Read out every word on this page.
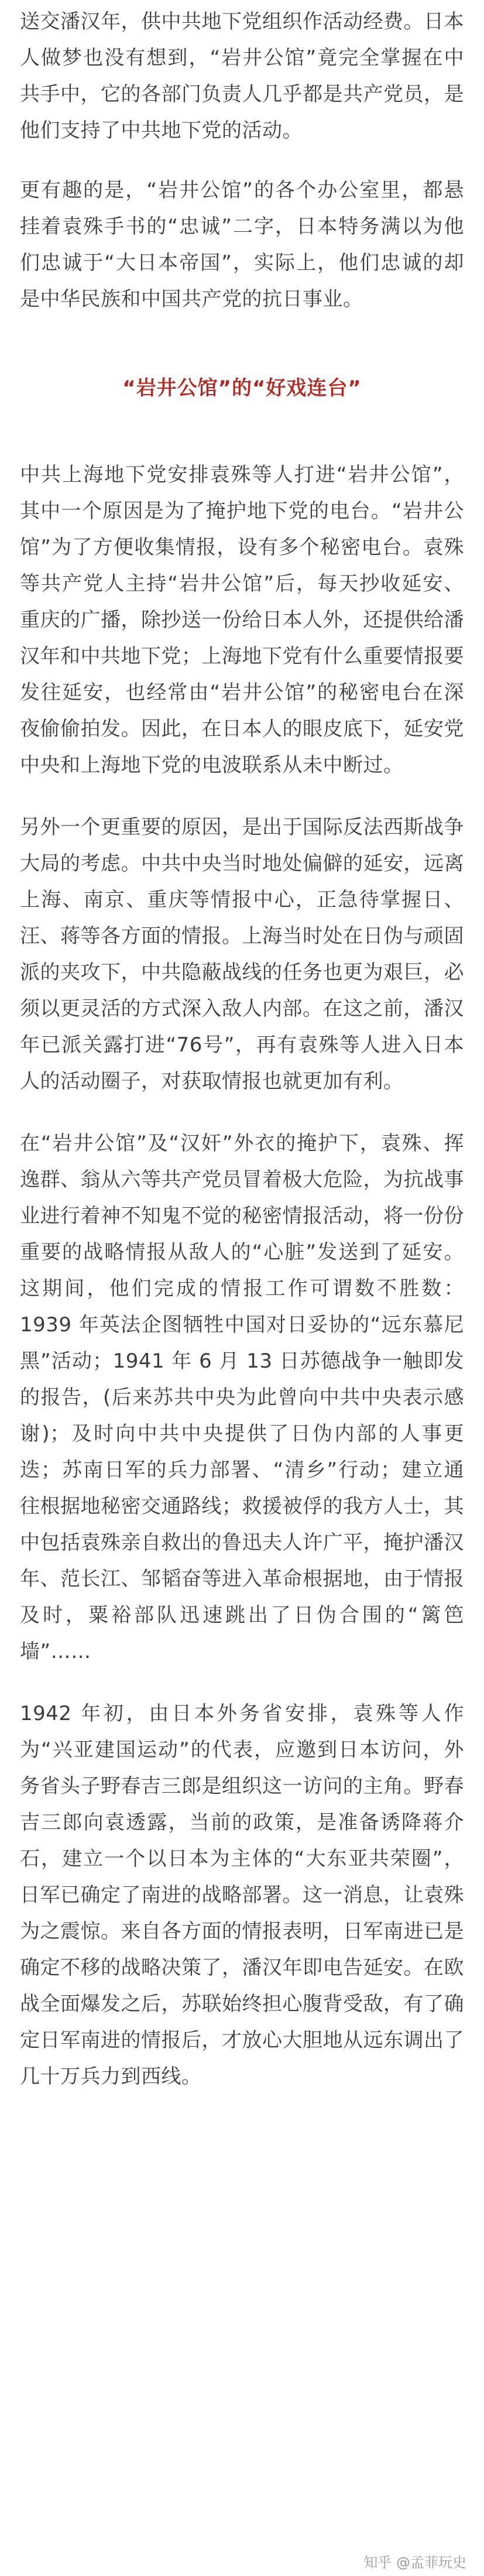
送交潘汉年，供中共地下党组织作活动经费。日本人做梦也没有想到，“岩井公馆”竟完全掌握在中共手中，它的各部门负责人几乎都是共产党员，是他们支持了中共地下党的活动。

更有趣的是，“岩井公馆”的各个办公室里，都悬挂着袁殊手书的“忠诚”二字，日本特务满以为他们忠诚于“大日本帝国”，实际上，他们忠诚的却是中华民族和中国共产党的抗日事业。

“岩井公馆”的“好戏连台”

中共上海地下党安排袁殊等人打进“岩井公馆”，其中一个原因是为了掩护地下党的电台。“岩井公馆”为了方便收集情报，设有多个秘密电台。袁殊等共产党人主持“岩井公馆”后，每天抄收延安、重庆的广播，除抄送一份给日本人外，还提供给潘汉年和中共地下党；上海地下党有什么重要情报要发往延安，也经常由“岩井公馆”的秘密电台在深夜偷偷拍发。因此，在日本人的眼皮底下，延安党中央和上海地下党的电波联系从未中断过。

另外一个更重要的原因，是出于国际反法西斯战争大局的考虑。中共中央当时地处偏僻的延安，远离上海、南京、重庆等情报中心，正急待掌握日、汪、蒋等各方面的情报。上海当时处在日伪与顽固派的夹攻下，中共隐蔽战线的任务也更为艰巨，必须以更灵活的方式深入敌人内部。在这之前，潘汉年已派关露打进“76号”，再有袁殊等人进入日本人的活动圈子，对获取情报也就更加有利。

在“岩井公馆”及“汉奸”外衣的掩护下，袁殊、挥逸群、翁从六等共产党员冒着极大危险，为抗战事业进行着神不知鬼不觉的秘密情报活动，将一份份重要的战略情报从敌人的“心脏”发送到了延安。这期间，他们完成的情报工作可谓数不胜数：1939 年英法企图牺牲中国对日妥协的“远东慕尼黑”活动；1941 年 6 月 13 日苏德战争一触即发的报告，(后来苏共中央为此曾向中共中央表示感谢)；及时向中共中央提供了日伪内部的人事更迭；苏南日军的兵力部署、“清乡”行动；建立通往根据地秘密交通路线；救援被俘的我方人士，其中包括袁殊亲自救出的鲁迅夫人许广平，掩护潘汉年、范长江、邹韬奋等进入革命根据地，由于情报及时，粟裕部队迅速跳出了日伪合围的“篱笆墙”……

1942 年初，由日本外务省安排，袁殊等人作为“兴亚建国运动”的代表，应邀到日本访问，外务省头子野春吉三郎是组织这一访问的主角。野春吉三郎向袁透露，当前的政策，是准备诱降蒋介石，建立一个以日本为主体的“大东亚共荣圈”，日军已确定了南进的战略部署。这一消息，让袁殊为之震惊。来自各方面的情报表明，日军南进已是确定不移的战略决策了，潘汉年即电告延安。在欧战全面爆发之后，苏联始终担心腹背受敌，有了确定日军南进的情报后，才放心大胆地从远东调出了几十万兵力到西线。

知乎 @孟菲玩史
